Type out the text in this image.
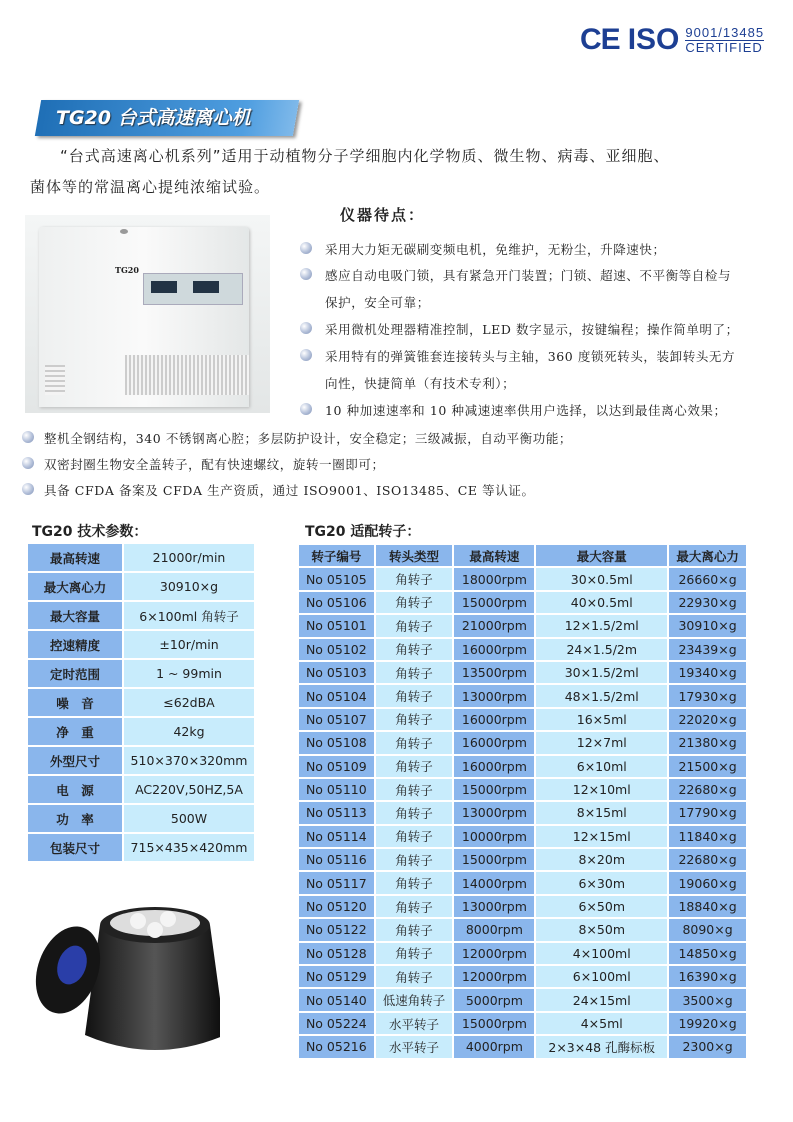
CE ISO 9001/13485
CERTIFIED
TG20 台式高速离心机
“台式高速离心机系列”适用于动植物分子学细胞内化学物质、微生物、病毒、亚细胞、
菌体等的常温离心提纯浓缩试验。
TG20
仪器待点：
采用大力矩无碳刷变频电机，免维护，无粉尘，升降速快；
感应自动电吸门锁，具有紧急开门装置；门锁、超速、不平衡等自检与
保护，安全可靠；
采用微机处理器精准控制，LED 数字显示，按键编程；操作简单明了；
采用特有的弹簧锥套连接转头与主轴，360 度锁死转头，装卸转头无方
向性，快捷简单（有技术专利）；
10 种加速速率和 10 种减速速率供用户选择，以达到最佳离心效果；
整机全钢结构，340 不锈钢离心腔；多层防护设计，安全稳定；三级减振，自动平衡功能；
双密封圈生物安全盖转子，配有快速螺纹，旋转一圈即可；
具备 CFDA 备案及 CFDA 生产资质，通过 ISO9001、ISO13485、CE 等认证。
TG20 技术参数：
最高转速	21000r/min
最大离心力	30910×g
最大容量	6×100ml 角转子
控速精度	±10r/min
定时范围	1 ~ 99min
噪　音	≤62dBA
净　重	42kg
外型尺寸	510×370×320mm
电　源	AC220V,50HZ,5A
功　率	500W
包装尺寸	715×435×420mm
TG20 适配转子：
转子编号	转头类型	最高转速	最大容量	最大离心力
No 05105	角转子	18000rpm	30×0.5ml	26660×g
No 05106	角转子	15000rpm	40×0.5ml	22930×g
No 05101	角转子	21000rpm	12×1.5/2ml	30910×g
No 05102	角转子	16000rpm	24×1.5/2m	23439×g
No 05103	角转子	13500rpm	30×1.5/2ml	19340×g
No 05104	角转子	13000rpm	48×1.5/2ml	17930×g
No 05107	角转子	16000rpm	16×5ml	22020×g
No 05108	角转子	16000rpm	12×7ml	21380×g
No 05109	角转子	16000rpm	6×10ml	21500×g
No 05110	角转子	15000rpm	12×10ml	22680×g
No 05113	角转子	13000rpm	8×15ml	17790×g
No 05114	角转子	10000rpm	12×15ml	11840×g
No 05116	角转子	15000rpm	8×20m	22680×g
No 05117	角转子	14000rpm	6×30m	19060×g
No 05120	角转子	13000rpm	6×50m	18840×g
No 05122	角转子	8000rpm	8×50m	8090×g
No 05128	角转子	12000rpm	4×100ml	14850×g
No 05129	角转子	12000rpm	6×100ml	16390×g
No 05140	低速角转子	5000rpm	24×15ml	3500×g
No 05224	水平转子	15000rpm	4×5ml	19920×g
No 05216	水平转子	4000rpm	2×3×48 孔酶标板	2300×g
